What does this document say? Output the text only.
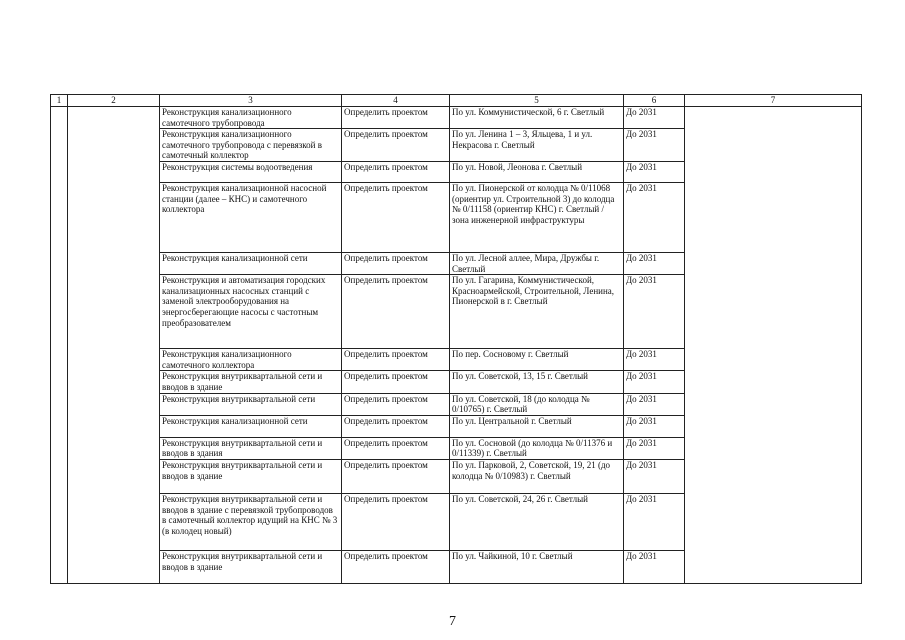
1	2	3	4	5	6	7
		Реконструкция канализационного самотечного трубопровода	Определить проектом	По ул. Коммунистической, 6 г. Светлый	До 2031	
		Реконструкция канализационного самотечного трубопровода с перевязкой в самотечный коллектор	Определить проектом	По ул. Ленина 1 – 3, Яльцева, 1 и ул. Некрасова г. Светлый	До 2031	
		Реконструкция системы водоотведения	Определить проектом	По ул. Новой, Леонова г. Светлый	До 2031	
		Реконструкция канализационной насосной станции (далее – КНС) и самотечного коллектора	Определить проектом	По ул. Пионерской от колодца № 0/11068 (ориентир ул. Строительной 3) до колодца № 0/11158 (ориентир КНС) г. Светлый / зона инженерной инфраструктуры	До 2031	
		Реконструкция канализационной сети	Определить проектом	По ул. Лесной аллее, Мира, Дружбы г. Светлый	До 2031	
		Реконструкция и автоматизация городских канализационных насосных станций с заменой электрооборудования на энергосберегающие насосы с частотным преобразователем	Определить проектом	По ул. Гагарина, Коммунистической, Красноармейской, Строительной, Ленина, Пионерской в г. Светлый	До 2031	
		Реконструкция канализационного самотечного коллектора	Определить проектом	По пер. Сосновому г. Светлый	До 2031	
		Реконструкция внутриквартальной сети и вводов в здание	Определить проектом	По ул. Советской, 13, 15 г. Светлый	До 2031	
		Реконструкция внутриквартальной сети	Определить проектом	По ул. Советской, 18 (до колодца № 0/10765) г. Светлый	До 2031	
		Реконструкция канализационной сети	Определить проектом	По ул. Центральной г. Светлый	До 2031	
		Реконструкция внутриквартальной сети и вводов в здания	Определить проектом	По ул. Сосновой (до колодца № 0/11376 и 0/11339) г. Светлый	До 2031	
		Реконструкция внутриквартальной сети и вводов в здание	Определить проектом	По ул. Парковой, 2, Советской, 19, 21 (до колодца № 0/10983) г. Светлый	До 2031	
		Реконструкция внутриквартальной сети и вводов в здание с перевязкой трубопроводов в самотечный коллектор идущий на КНС № 3 (в колодец новый)	Определить проектом	По ул. Советской, 24, 26 г. Светлый	До 2031	
		Реконструкция внутриквартальной сети и вводов в здание	Определить проектом	По ул. Чайкиной, 10 г. Светлый	До 2031	
7
